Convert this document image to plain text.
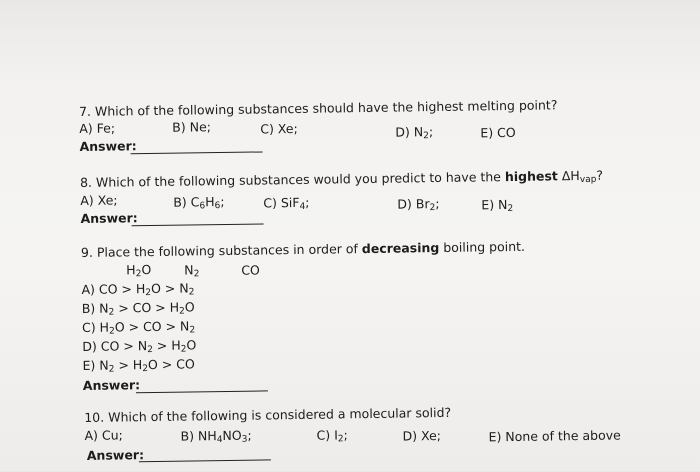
7. Which of the following substances should have the highest melting point?
A) Fe;	B) Ne;	C) Xe;	D) $N_2$;	E) CO
Answer:
8. Which of the following substances would you predict to have the highest $\Delta H_{vap}$?
A) Xe;	B) $C_6H_6$;	C) SiF$_4$;	D) $Br_2$;	E) $N_2$
Answer:
9. Place the following substances in order of decreasing boiling point.
$H_2O$	$N_2$	CO
A) CO > $H_2O > N_2$
B) $N_2$ > CO > $H_2O$
C) $H_2O$ > CO > $N_2$
D) CO > $N_2 > H_2O$
E) $N_2 > H_2O$ > CO
Answer:
10. Which of the following is considered a molecular solid?
A) Cu;	B) $NH_4NO_3$;	C) $I_2$;	D) Xe;	E) None of the above
Answer:
